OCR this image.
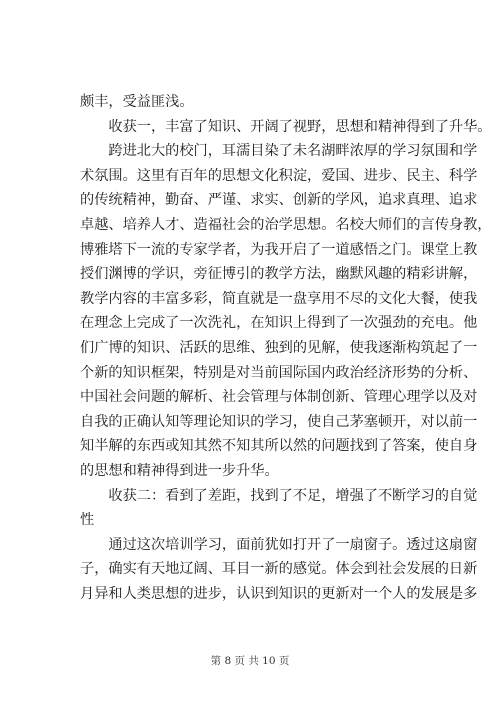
颇丰，受益匪浅。
收获一，丰富了知识、开阔了视野，思想和精神得到了升华。
跨进北大的校门，耳濡目染了未名湖畔浓厚的学习氛围和学
术氛围。这里有百年的思想文化积淀，爱国、进步、民主、科学
的传统精神，勤奋、严谨、求实、创新的学风，追求真理、追求
卓越、培养人才、造福社会的治学思想。名校大师们的言传身教，
博雅塔下一流的专家学者，为我开启了一道感悟之门。课堂上教
授们渊博的学识，旁征博引的教学方法，幽默风趣的精彩讲解，
教学内容的丰富多彩，简直就是一盘享用不尽的文化大餐，使我
在理念上完成了一次洗礼，在知识上得到了一次强劲的充电。他
们广博的知识、活跃的思维、独到的见解，使我逐渐构筑起了一
个新的知识框架，特别是对当前国际国内政治经济形势的分析、
中国社会问题的解析、社会管理与体制创新、管理心理学以及对
自我的正确认知等理论知识的学习，使自己茅塞顿开，对以前一
知半解的东西或知其然不知其所以然的问题找到了答案，使自身
的思想和精神得到进一步升华。
收获二：看到了差距，找到了不足，增强了不断学习的自觉
性
通过这次培训学习，面前犹如打开了一扇窗子。透过这扇窗
子，确实有天地辽阔、耳目一新的感觉。体会到社会发展的日新
月异和人类思想的进步，认识到知识的更新对一个人的发展是多
第 8 页 共 10 页
